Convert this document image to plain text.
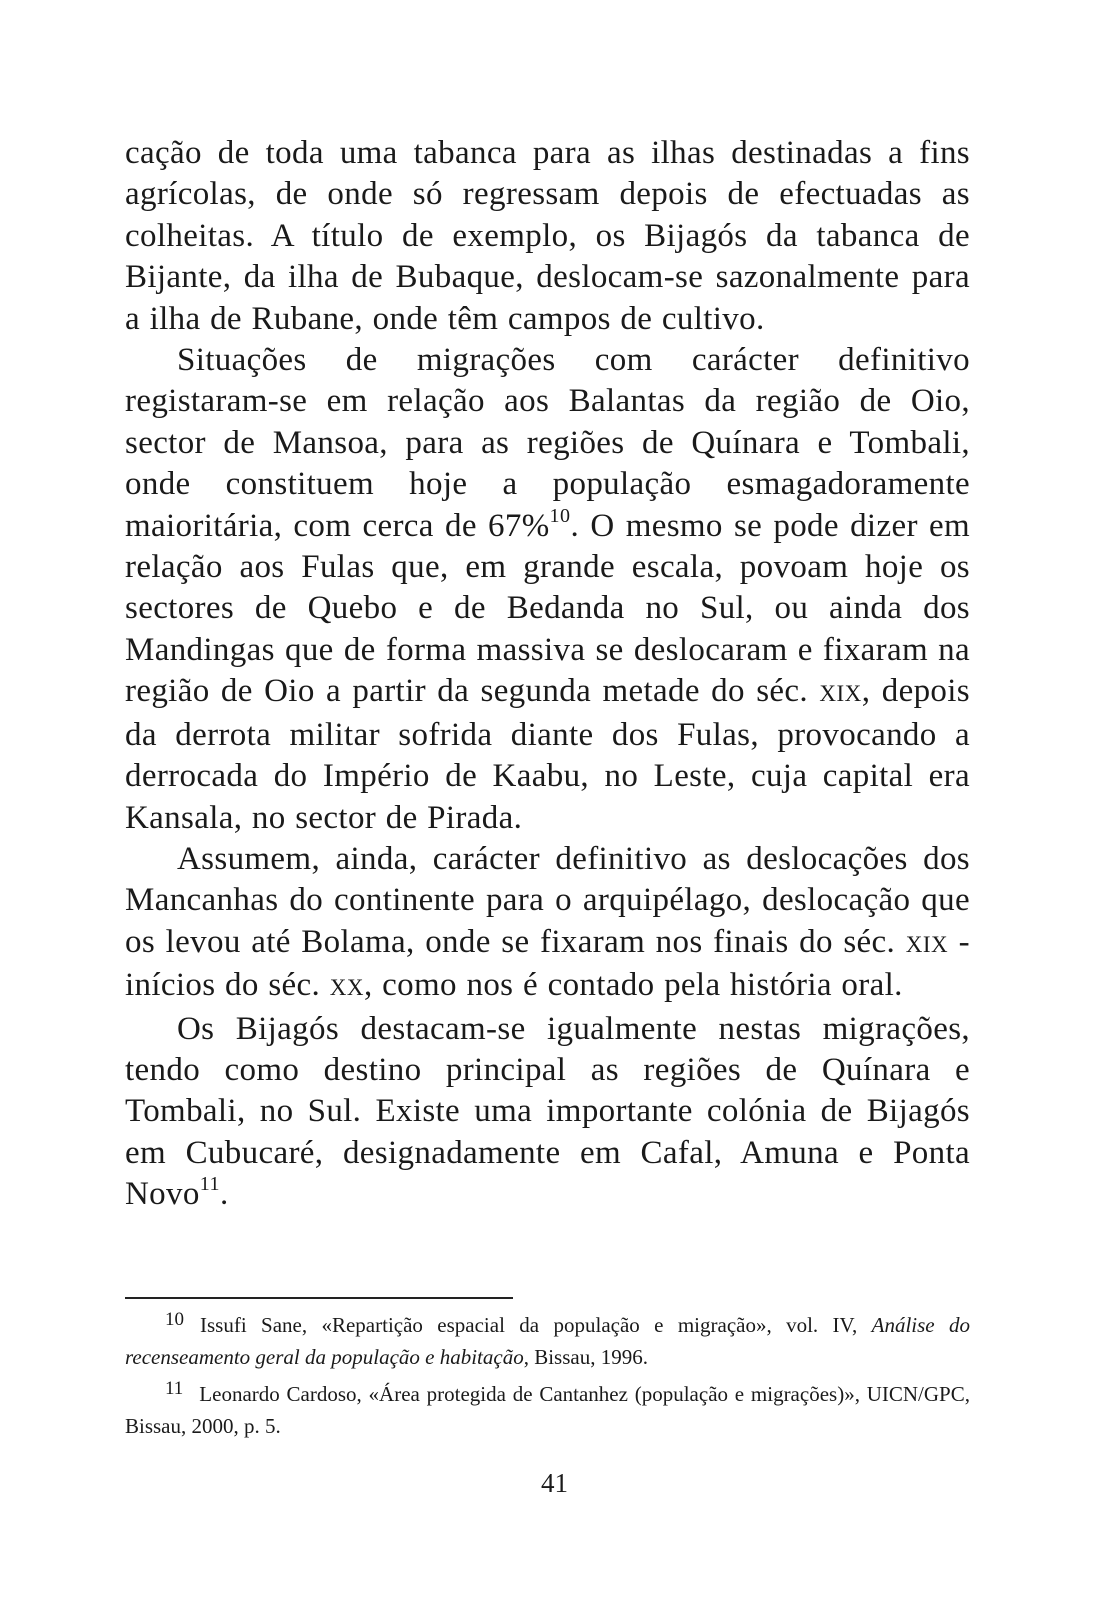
cação de toda uma tabanca para as ilhas destinadas a fins agrícolas, de onde só regressam depois de efectuadas as colheitas. A título de exemplo, os Bijagós da tabanca de Bijante, da ilha de Bubaque, deslocam-se sazonalmente para a ilha de Rubane, onde têm campos de cultivo.

Situações de migrações com carácter definitivo registaram-se em relação aos Balantas da região de Oio, sector de Mansoa, para as regiões de Quínara e Tombali, onde constituem hoje a população esmagadoramente maioritária, com cerca de 67%$^{10}$. O mesmo se pode dizer em relação aos Fulas que, em grande escala, povoam hoje os sectores de Quebo e de Bedanda no Sul, ou ainda dos Mandingas que de forma massiva se deslocaram e fixaram na região de Oio a partir da segunda metade do séc. XIX, depois da derrota militar sofrida diante dos Fulas, provocando a derrocada do Império de Kaabu, no Leste, cuja capital era Kansala, no sector de Pirada.

Assumem, ainda, carácter definitivo as deslocações dos Mancanhas do continente para o arquipélago, deslocação que os levou até Bolama, onde se fixaram nos finais do séc. XIX - inícios do séc. XX, como nos é contado pela história oral.

Os Bijagós destacam-se igualmente nestas migrações, tendo como destino principal as regiões de Quínara e Tombali, no Sul. Existe uma importante colónia de Bijagós em Cubucaré, designadamente em Cafal, Amuna e Ponta Novo$^{11}$.

10 Issufi Sane, «Repartição espacial da população e migração», vol. IV, Análise do recenseamento geral da população e habitação, Bissau, 1996.

11 Leonardo Cardoso, «Área protegida de Cantanhez (população e migrações)», UICN/GPC, Bissau, 2000, p. 5.

41
